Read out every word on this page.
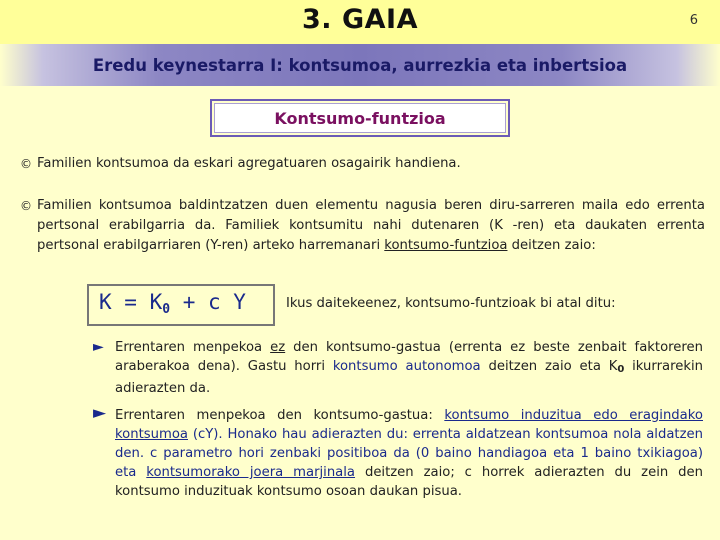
3. GAIA	6
Eredu keynestarra I: kontsumoa, aurrezkia eta inbertsioa
Kontsumo-funtzioa
© Familien kontsumoa da eskari agregatuaren osagairik handiena.
© Familien kontsumoa baldintzatzen duen elementu nagusia beren diru-sarreren maila edo errenta pertsonal erabilgarria da. Familiek kontsumitu nahi dutenaren (K -ren) eta daukaten errenta pertsonal erabilgarriaren (Y-ren) arteko harremanari kontsumo-funtzioa deitzen zaio:
$K = K_0 + c$ Y	Ikus daitekeenez, kontsumo-funtzioak bi atal ditu:
► Errentaren menpekoa ez den kontsumo-gastua (errenta ez beste zenbait faktoreren araberakoa dena). Gastu horri kontsumo autonomoa deitzen zaio eta K0 ikurrarekin adierazten da.
► Errentaren menpekoa den kontsumo-gastua: kontsumo induzitua edo eragindako kontsumoa (cY). Honako hau adierazten du: errenta aldatzean kontsumoa nola aldatzen den. c parametro hori zenbaki positiboa da (0 baino handiagoa eta 1 baino txikiagoa) eta kontsumorako joera marjinala deitzen zaio; c horrek adierazten du zein den kontsumo induzituak kontsumo osoan daukan pisua.
